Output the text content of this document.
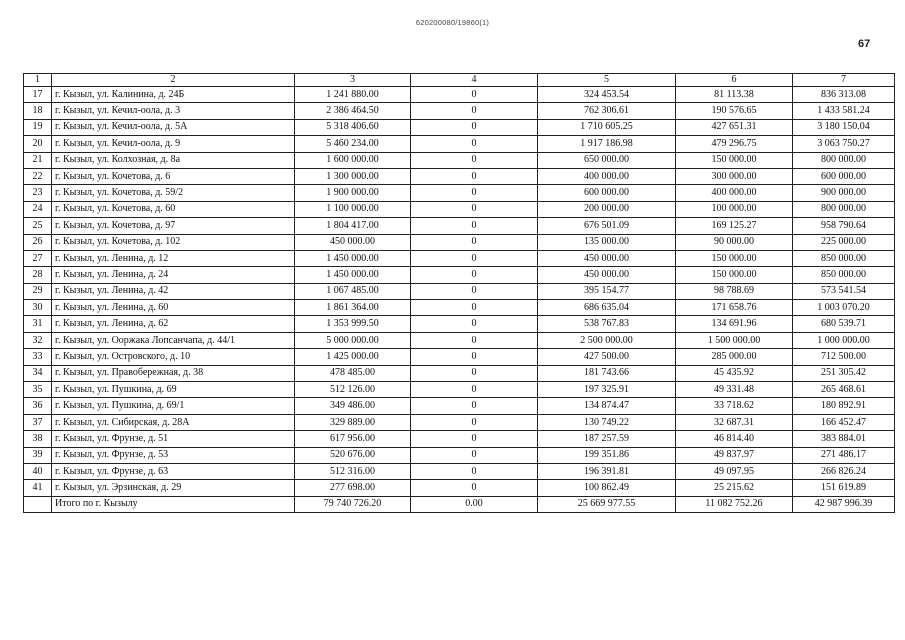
620200080/19860(1)
67
1	2	3	4	5	6	7
17	г. Кызыл, ул. Калинина, д. 24Б	1 241 880.00	0	324 453.54	81 113.38	836 313.08
18	г. Кызыл, ул. Кечил-оола, д. 3	2 386 464.50	0	762 306.61	190 576.65	1 433 581.24
19	г. Кызыл, ул. Кечил-оола, д. 5А	5 318 406.60	0	1 710 605.25	427 651.31	3 180 150.04
20	г. Кызыл, ул. Кечил-оола, д. 9	5 460 234.00	0	1 917 186.98	479 296.75	3 063 750.27
21	г. Кызыл, ул. Колхозная, д. 8а	1 600 000.00	0	650 000.00	150 000.00	800 000.00
22	г. Кызыл, ул. Кочетова, д. 6	1 300 000.00	0	400 000.00	300 000.00	600 000.00
23	г. Кызыл, ул. Кочетова, д. 59/2	1 900 000.00	0	600 000.00	400 000.00	900 000.00
24	г. Кызыл, ул. Кочетова, д. 60	1 100 000.00	0	200 000.00	100 000.00	800 000.00
25	г. Кызыл, ул. Кочетова, д. 97	1 804 417.00	0	676 501.09	169 125.27	958 790.64
26	г. Кызыл, ул. Кочетова, д. 102	450 000.00	0	135 000.00	90 000.00	225 000.00
27	г. Кызыл, ул. Ленина, д. 12	1 450 000.00	0	450 000.00	150 000.00	850 000.00
28	г. Кызыл, ул. Ленина, д. 24	1 450 000.00	0	450 000.00	150 000.00	850 000.00
29	г. Кызыл, ул. Ленина, д. 42	1 067 485.00	0	395 154.77	98 788.69	573 541.54
30	г. Кызыл, ул. Ленина, д. 60	1 861 364.00	0	686 635.04	171 658.76	1 003 070.20
31	г. Кызыл, ул. Ленина, д. 62	1 353 999.50	0	538 767.83	134 691.96	680 539.71
32	г. Кызыл, ул. Ооржака Лопсанчапа, д. 44/1	5 000 000.00	0	2 500 000.00	1 500 000.00	1 000 000.00
33	г. Кызыл, ул. Островского, д. 10	1 425 000.00	0	427 500.00	285 000.00	712 500.00
34	г. Кызыл, ул. Правобережная, д. 38	478 485.00	0	181 743.66	45 435.92	251 305.42
35	г. Кызыл, ул. Пушкина, д. 69	512 126.00	0	197 325.91	49 331.48	265 468.61
36	г. Кызыл, ул. Пушкина, д. 69/1	349 486.00	0	134 874.47	33 718.62	180 892.91
37	г. Кызыл, ул. Сибирская, д. 28А	329 889.00	0	130 749.22	32 687.31	166 452.47
38	г. Кызыл, ул. Фрунзе, д. 51	617 956.00	0	187 257.59	46 814.40	383 884.01
39	г. Кызыл, ул. Фрунзе, д. 53	520 676.00	0	199 351.86	49 837.97	271 486.17
40	г. Кызыл, ул. Фрунзе, д. 63	512 316.00	0	196 391.81	49 097.95	266 826.24
41	г. Кызыл, ул. Эрзинская, д. 29	277 698.00	0	100 862.49	25 215.62	151 619.89
	Итого по г. Кызылу	79 740 726.20	0.00	25 669 977.55	11 082 752.26	42 987 996.39
